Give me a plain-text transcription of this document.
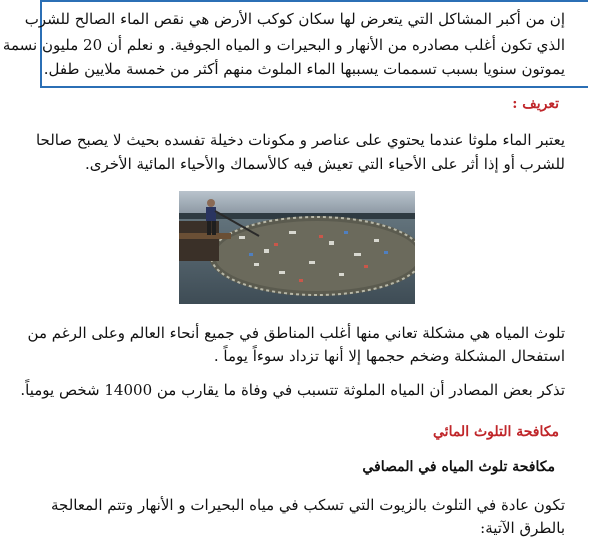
إن من أكبر المشاكل التي يتعرض لها سكان كوكب الأرض هي نقص الماء الصالح للشرب
الذي تكون أغلب مصادره من الأنهار و البحيرات و المياه الجوفية. و نعلم أن 20 مليون نسمة
يموتون سنويا بسبب تسممات يسببها الماء الملوث منهم أكثر من خمسة ملايين طفل.
تعريف :
يعتبر الماء ملوثا عندما يحتوي على عناصر و مكونات دخيلة تفسده بحيث لا يصبح صالحا
للشرب أو إذا أثر على الأحياء التي تعيش فيه كالأسماك والأحياء المائية الأخرى.
تلوث المياه هي مشكلة تعاني منها أغلب المناطق في جميع أنحاء العالم وعلى الرغم من
استفحال المشكلة وضخم حجمها إلا أنها تزداد سوءاً يوماً .
تذكر بعض المصادر أن المياه الملوثة تتسبب في وفاة ما يقارب من 14000 شخص يومياً.
مكافحة التلوث المائي
مكافحة تلوث المياه في المصافي
تكون عادة في التلوث بالزيوت التي تسكب في مياه البحيرات و الأنهار وتتم المعالجة
بالطرق الآتية:
